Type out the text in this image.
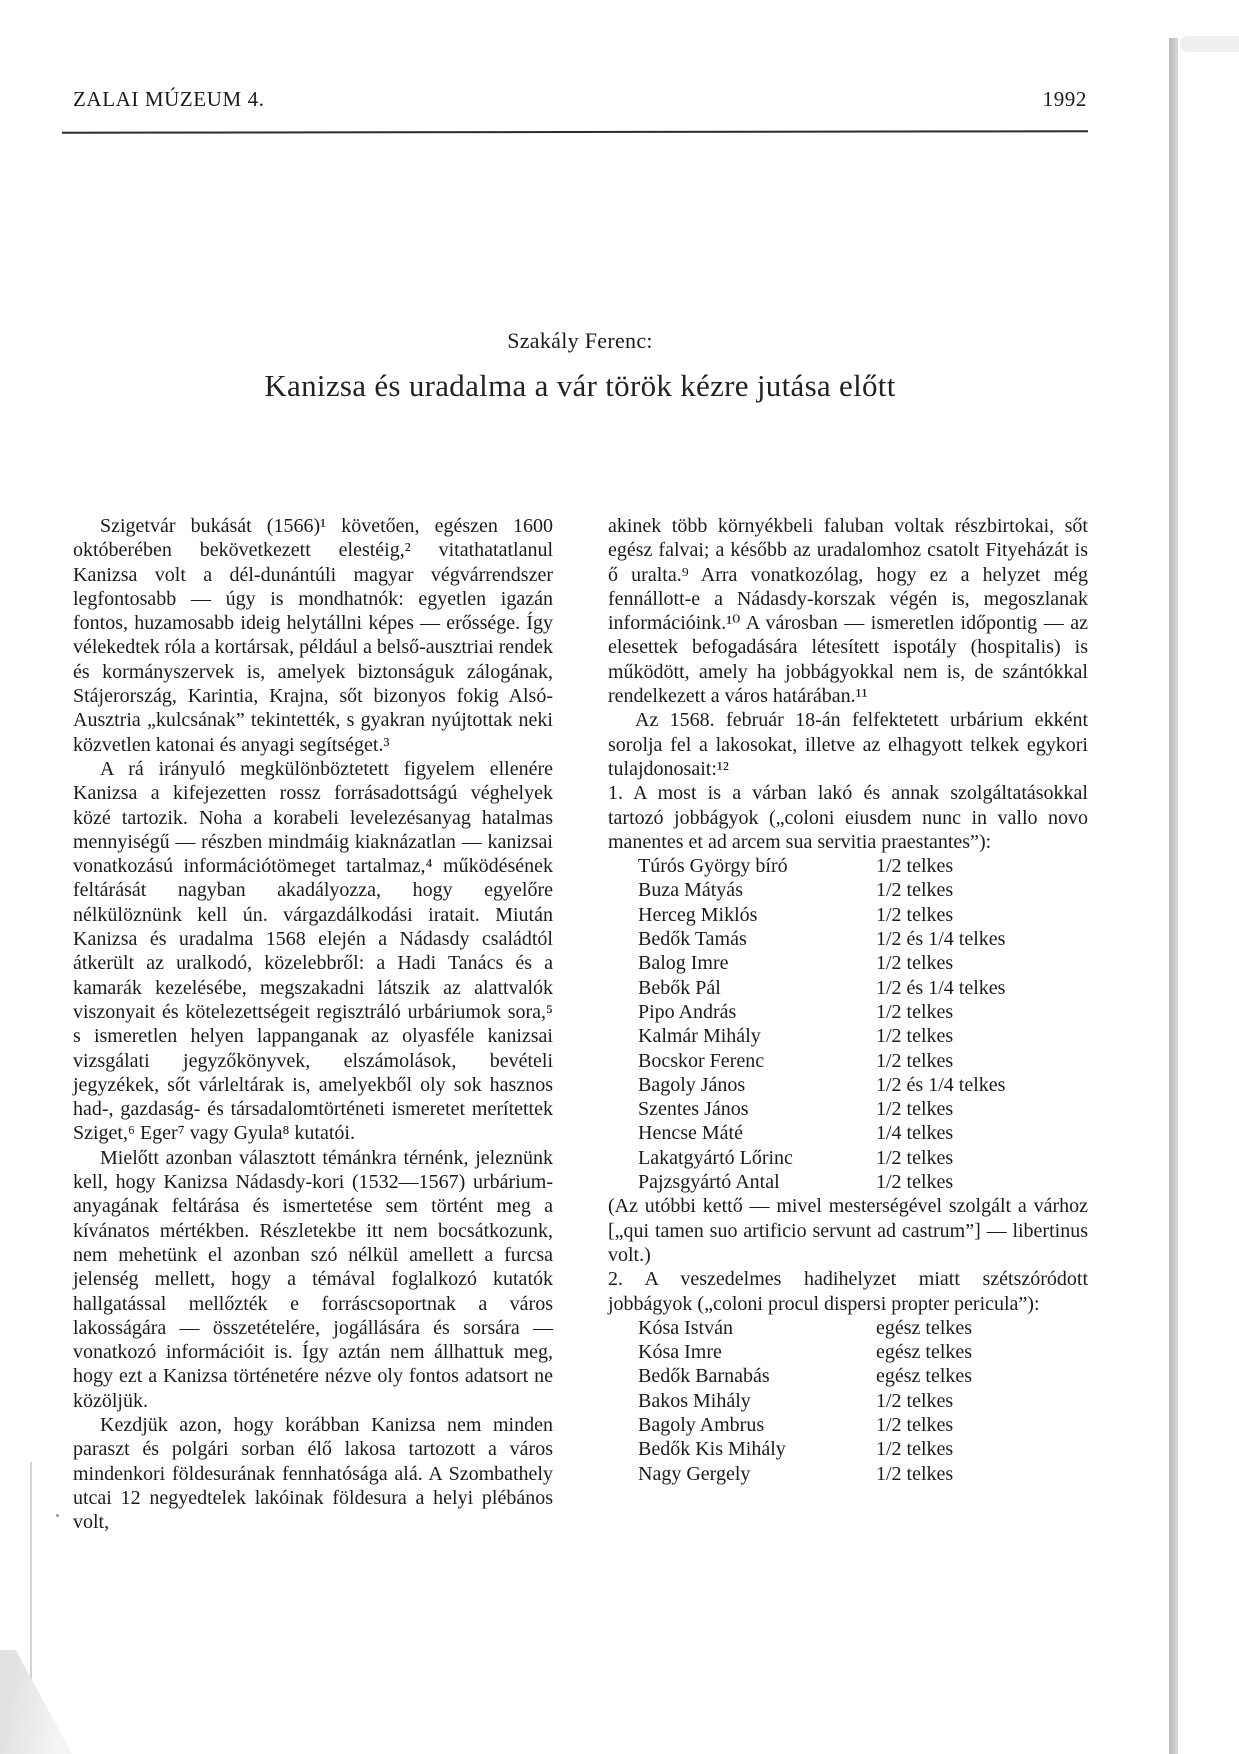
ZALAI MÚZEUM 4.	1992
Szakály Ferenc:
Kanizsa és uradalma a vár török kézre jutása előtt

Szigetvár bukását (1566)¹ követően, egészen 1600 októberében bekövetkezett elestéig,² vitathatatlanul Kanizsa volt a dél-dunántúli magyar végvárrendszer legfontosabb — úgy is mondhatnók: egyetlen igazán fontos, huzamosabb ideig helytállni képes — erőssége. Így vélekedtek róla a kortársak, például a belső-ausztriai rendek és kormányszervek is, amelyek biztonságuk zálogának, Stájerország, Karintia, Krajna, sőt bizonyos fokig Alsó-Ausztria „kulcsának” tekintették, s gyakran nyújtottak neki közvetlen katonai és anyagi segítséget.³

A rá irányuló megkülönböztetett figyelem ellenére Kanizsa a kifejezetten rossz forrásadottságú véghelyek közé tartozik. Noha a korabeli levelezésanyag hatalmas mennyiségű — részben mindmáig kiaknázatlan — kanizsai vonatkozású információtömeget tartalmaz,⁴ működésének feltárását nagyban akadályozza, hogy egyelőre nélkülöznünk kell ún. várgazdálkodási iratait. Miután Kanizsa és uradalma 1568 elején a Nádasdy családtól átkerült az uralkodó, közelebbről: a Hadi Tanács és a kamarák kezelésébe, megszakadni látszik az alattvalók viszonyait és kötelezettségeit regisztráló urbáriumok sora,⁵ s ismeretlen helyen lappanganak az olyasféle kanizsai vizsgálati jegyzőkönyvek, elszámolások, bevételi jegyzékek, sőt várleltárak is, amelyekből oly sok hasznos had-, gazdaság- és társadalomtörténeti ismeretet merítettek Sziget,⁶ Eger⁷ vagy Gyula⁸ kutatói.

Mielőtt azonban választott témánkra térnénk, jeleznünk kell, hogy Kanizsa Nádasdy-kori (1532—1567) urbárium-anyagának feltárása és ismertetése sem történt meg a kívánatos mértékben. Részletekbe itt nem bocsátkozunk, nem mehetünk el azonban szó nélkül amellett a furcsa jelenség mellett, hogy a témával foglalkozó kutatók hallgatással mellőzték e forráscsoportnak a város lakosságára — összetételére, jogállására és sorsára — vonatkozó információit is. Így aztán nem állhattuk meg, hogy ezt a Kanizsa történetére nézve oly fontos adatsort ne közöljük.

Kezdjük azon, hogy korábban Kanizsa nem minden paraszt és polgári sorban élő lakosa tartozott a város mindenkori földesurának fennhatósága alá. A Szombathely utcai 12 negyedtelek lakóinak földesura a helyi plébános volt,

akinek több környékbeli faluban voltak részbirtokai, sőt egész falvai; a később az uradalomhoz csatolt Fityeházát is ő uralta.⁹ Arra vonatkozólag, hogy ez a helyzet még fennállott-e a Nádasdy-korszak végén is, megoszlanak információink.¹⁰ A városban — ismeretlen időpontig — az elesettek befogadására létesített ispotály (hospitalis) is működött, amely ha jobbágyokkal nem is, de szántókkal rendelkezett a város határában.¹¹

Az 1568. február 18-án felfektetett urbárium ekként sorolja fel a lakosokat, illetve az elhagyott telkek egykori tulajdonosait:¹²

1. A most is a várban lakó és annak szolgáltatásokkal tartozó jobbágyok („coloni eiusdem nunc in vallo novo manentes et ad arcem sua servitia praestantes”):

Túrós György bíró	1/2 telkes
Buza Mátyás	1/2 telkes
Herceg Miklós	1/2 telkes
Bedők Tamás	1/2 és 1/4 telkes
Balog Imre	1/2 telkes
Bebők Pál	1/2 és 1/4 telkes
Pipo András	1/2 telkes
Kalmár Mihály	1/2 telkes
Bocskor Ferenc	1/2 telkes
Bagoly János	1/2 és 1/4 telkes
Szentes János	1/2 telkes
Hencse Máté	1/4 telkes
Lakatgyártó Lőrinc	1/2 telkes
Pajzsgyártó Antal	1/2 telkes

(Az utóbbi kettő — mivel mesterségével szolgált a várhoz [„qui tamen suo artificio servunt ad castrum”] — libertinus volt.)

2. A veszedelmes hadihelyzet miatt szétszóródott jobbágyok („coloni procul dispersi propter pericula”):

Kósa István	egész telkes
Kósa Imre	egész telkes
Bedők Barnabás	egész telkes
Bakos Mihály	1/2 telkes
Bagoly Ambrus	1/2 telkes
Bedők Kis Mihály	1/2 telkes
Nagy Gergely	1/2 telkes
